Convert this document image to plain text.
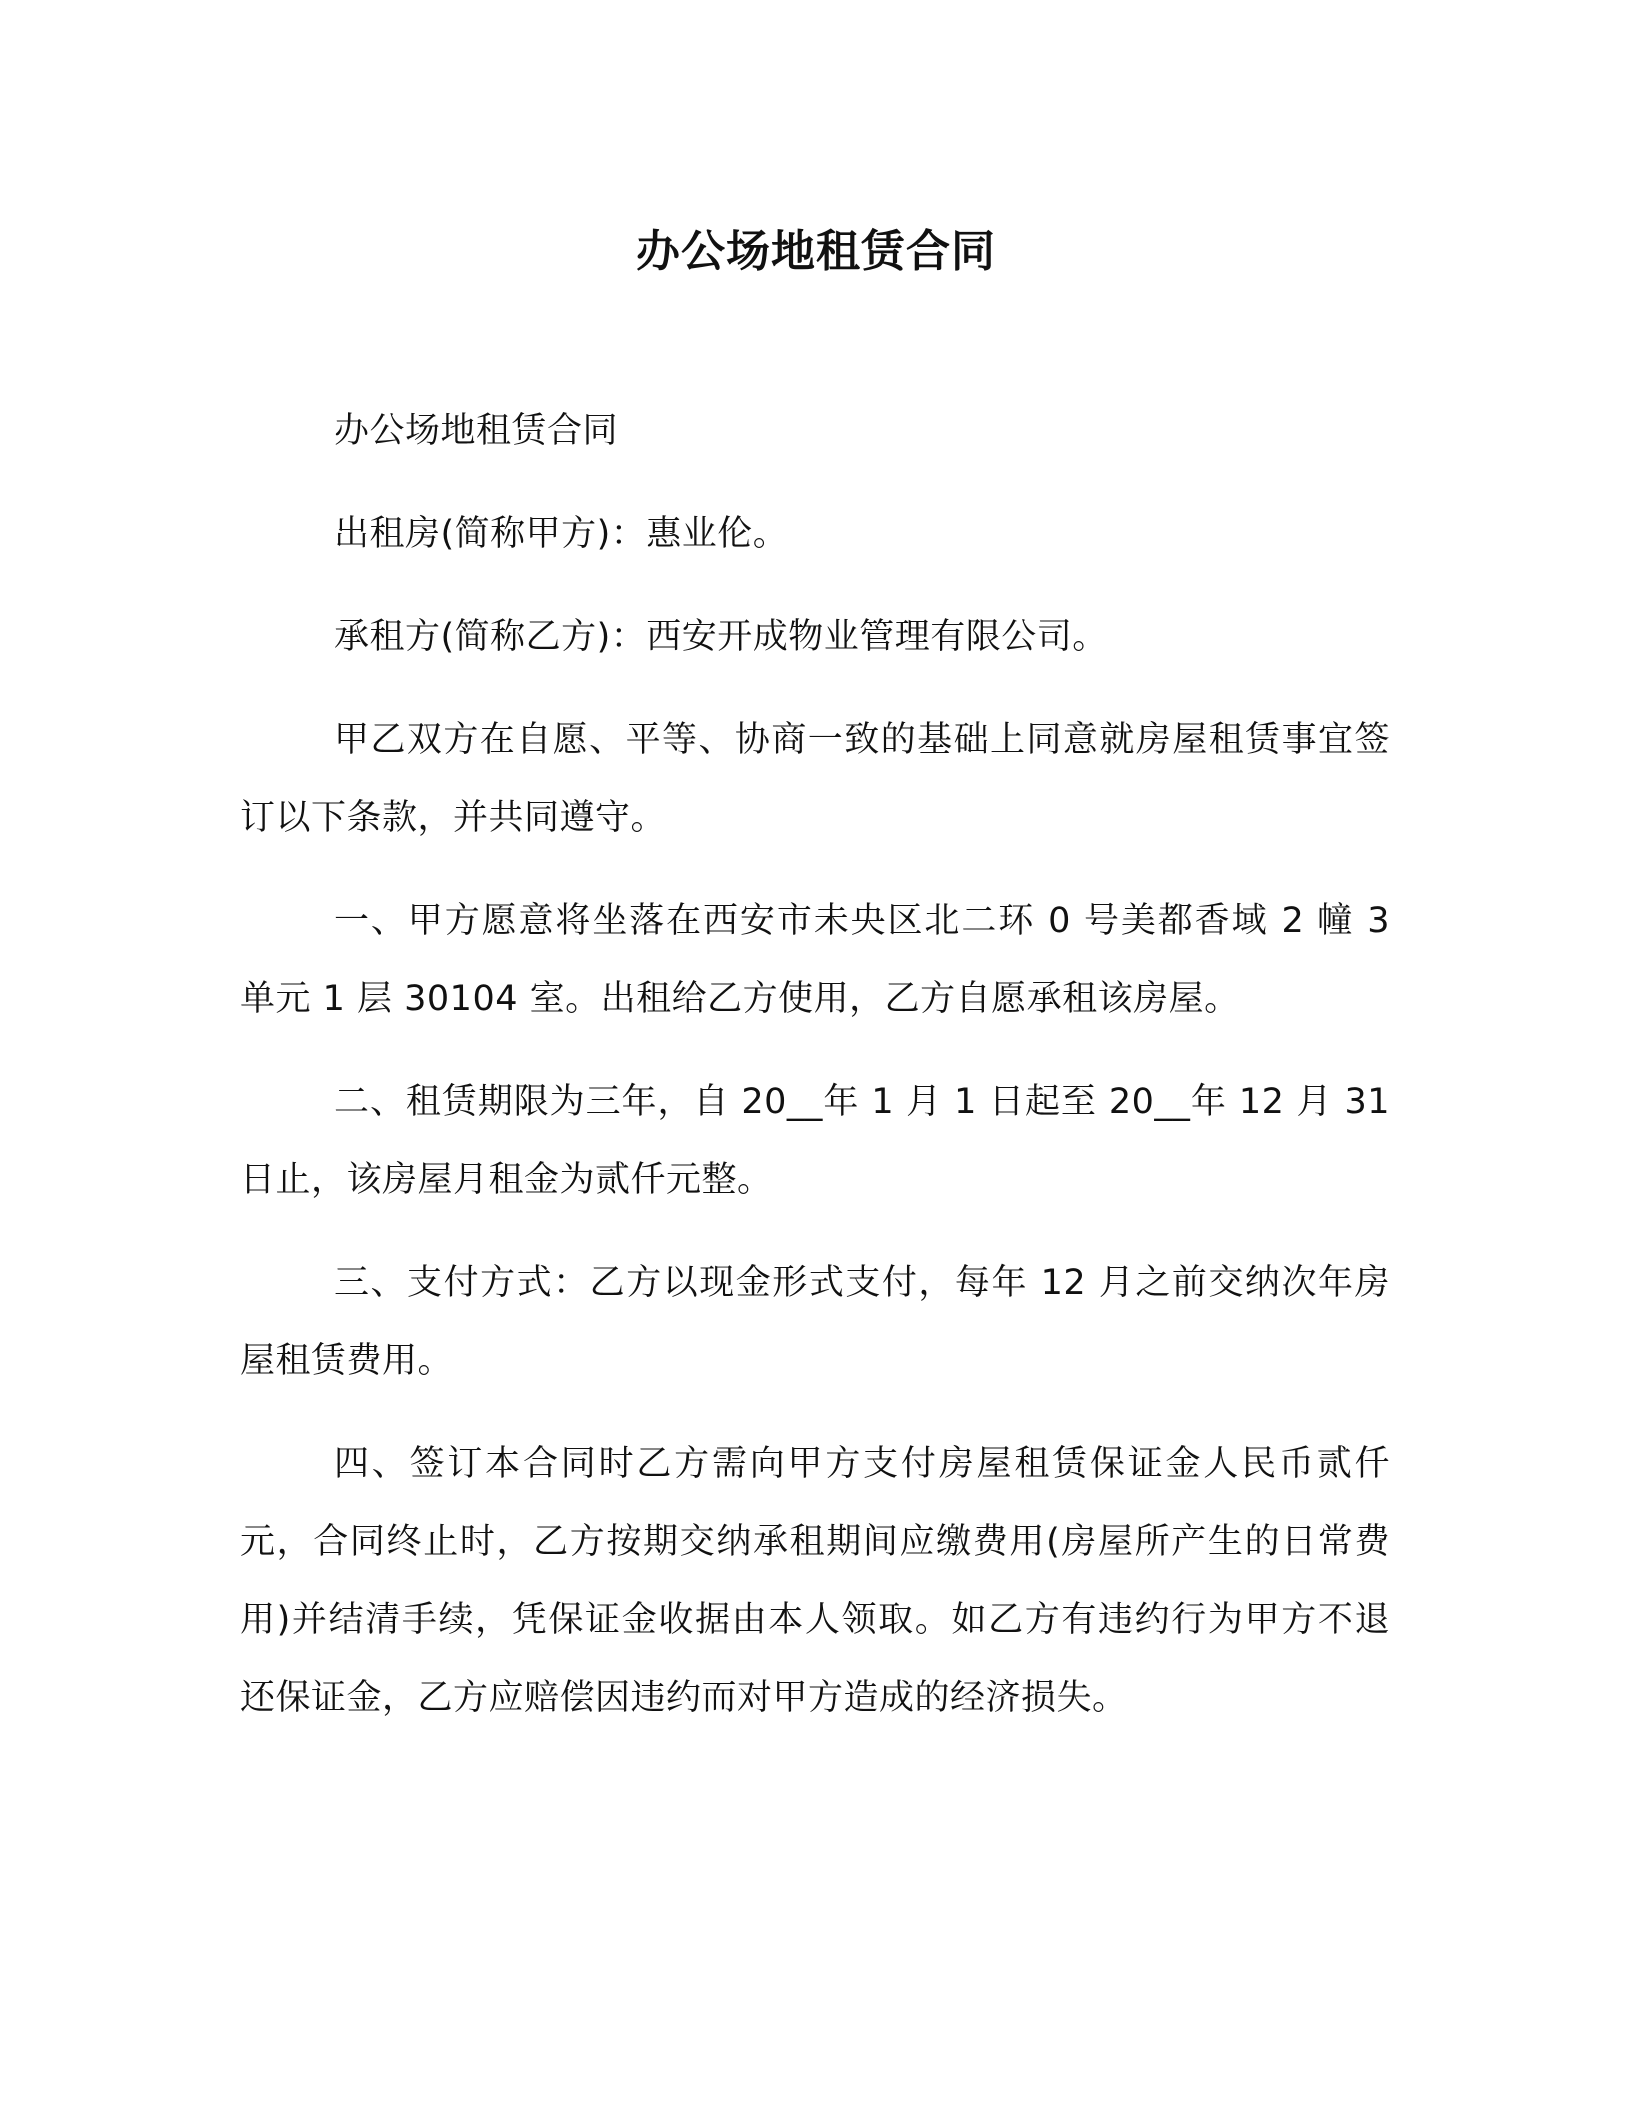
办公场地租赁合同

办公场地租赁合同

出租房(简称甲方)：惠业伦。

承租方(简称乙方)：西安开成物业管理有限公司。

甲乙双方在自愿、平等、协商一致的基础上同意就房屋租赁事宜签订以下条款，并共同遵守。

一、甲方愿意将坐落在西安市未央区北二环 0 号美都香域 2 幢 3 单元 1 层 30104 室。出租给乙方使用，乙方自愿承租该房屋。

二、租赁期限为三年，自 20__年 1 月 1 日起至 20__年 12 月 31 日止，该房屋月租金为贰仟元整。

三、支付方式：乙方以现金形式支付，每年 12 月之前交纳次年房屋租赁费用。

四、签订本合同时乙方需向甲方支付房屋租赁保证金人民币贰仟元，合同终止时，乙方按期交纳承租期间应缴费用(房屋所产生的日常费用)并结清手续，凭保证金收据由本人领取。如乙方有违约行为甲方不退还保证金，乙方应赔偿因违约而对甲方造成的经济损失。
